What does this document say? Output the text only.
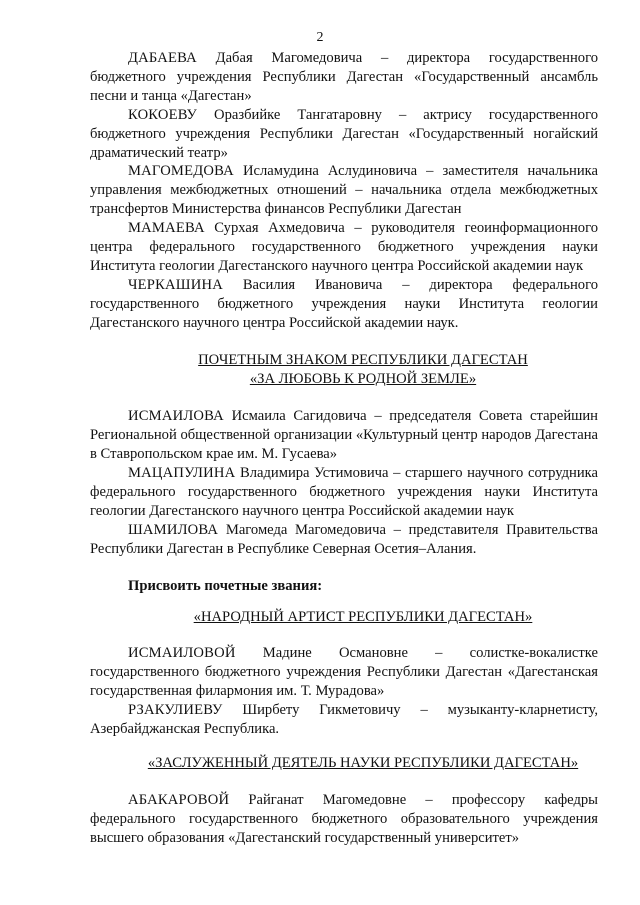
2

ДАБАЕВА Дабая Магомедовича – директора государственного бюджетного учреждения Республики Дагестан «Государственный ансамбль песни и танца «Дагестан»

КОКОЕВУ Оразбийке Тангатаровну – актрису государственного бюджетного учреждения Республики Дагестан «Государственный ногайский драматический театр»

МАГОМЕДОВА Исламудина Аслудиновича – заместителя начальника управления межбюджетных отношений – начальника отдела межбюджетных трансфертов Министерства финансов Республики Дагестан

МАМАЕВА Сурхая Ахмедовича – руководителя геоинформационного центра федерального государственного бюджетного учреждения науки Института геологии Дагестанского научного центра Российской академии наук

ЧЕРКАШИНА Василия Ивановича – директора федерального государственного бюджетного учреждения науки Института геологии Дагестанского научного центра Российской академии наук.

ПОЧЕТНЫМ ЗНАКОМ РЕСПУБЛИКИ ДАГЕСТАН

«ЗА ЛЮБОВЬ К РОДНОЙ ЗЕМЛЕ»

ИСМАИЛОВА Исмаила Сагидовича – председателя Совета старейшин Региональной общественной организации «Культурный центр народов Дагестана в Ставропольском крае им. М. Гусаева»

МАЦАПУЛИНА Владимира Устимовича – старшего научного сотрудника федерального государственного бюджетного учреждения науки Института геологии Дагестанского научного центра Российской академии наук

ШАМИЛОВА Магомеда Магомедовича – представителя Правительства Республики Дагестан в Республике Северная Осетия–Алания.

Присвоить почетные звания:

«НАРОДНЫЙ АРТИСТ РЕСПУБЛИКИ ДАГЕСТАН»

ИСМАИЛОВОЙ Мадине Османовне – солистке-вокалистке государственного бюджетного учреждения Республики Дагестан «Дагестанская государственная филармония им. Т. Мурадова»

РЗАКУЛИЕВУ Ширбету Гикметовичу – музыканту-кларнетисту, Азербайджанская Республика.

«ЗАСЛУЖЕННЫЙ ДЕЯТЕЛЬ НАУКИ РЕСПУБЛИКИ ДАГЕСТАН»

АБАКАРОВОЙ Райганат Магомедовне – профессору кафедры федерального государственного бюджетного образовательного учреждения высшего образования «Дагестанский государственный университет»
